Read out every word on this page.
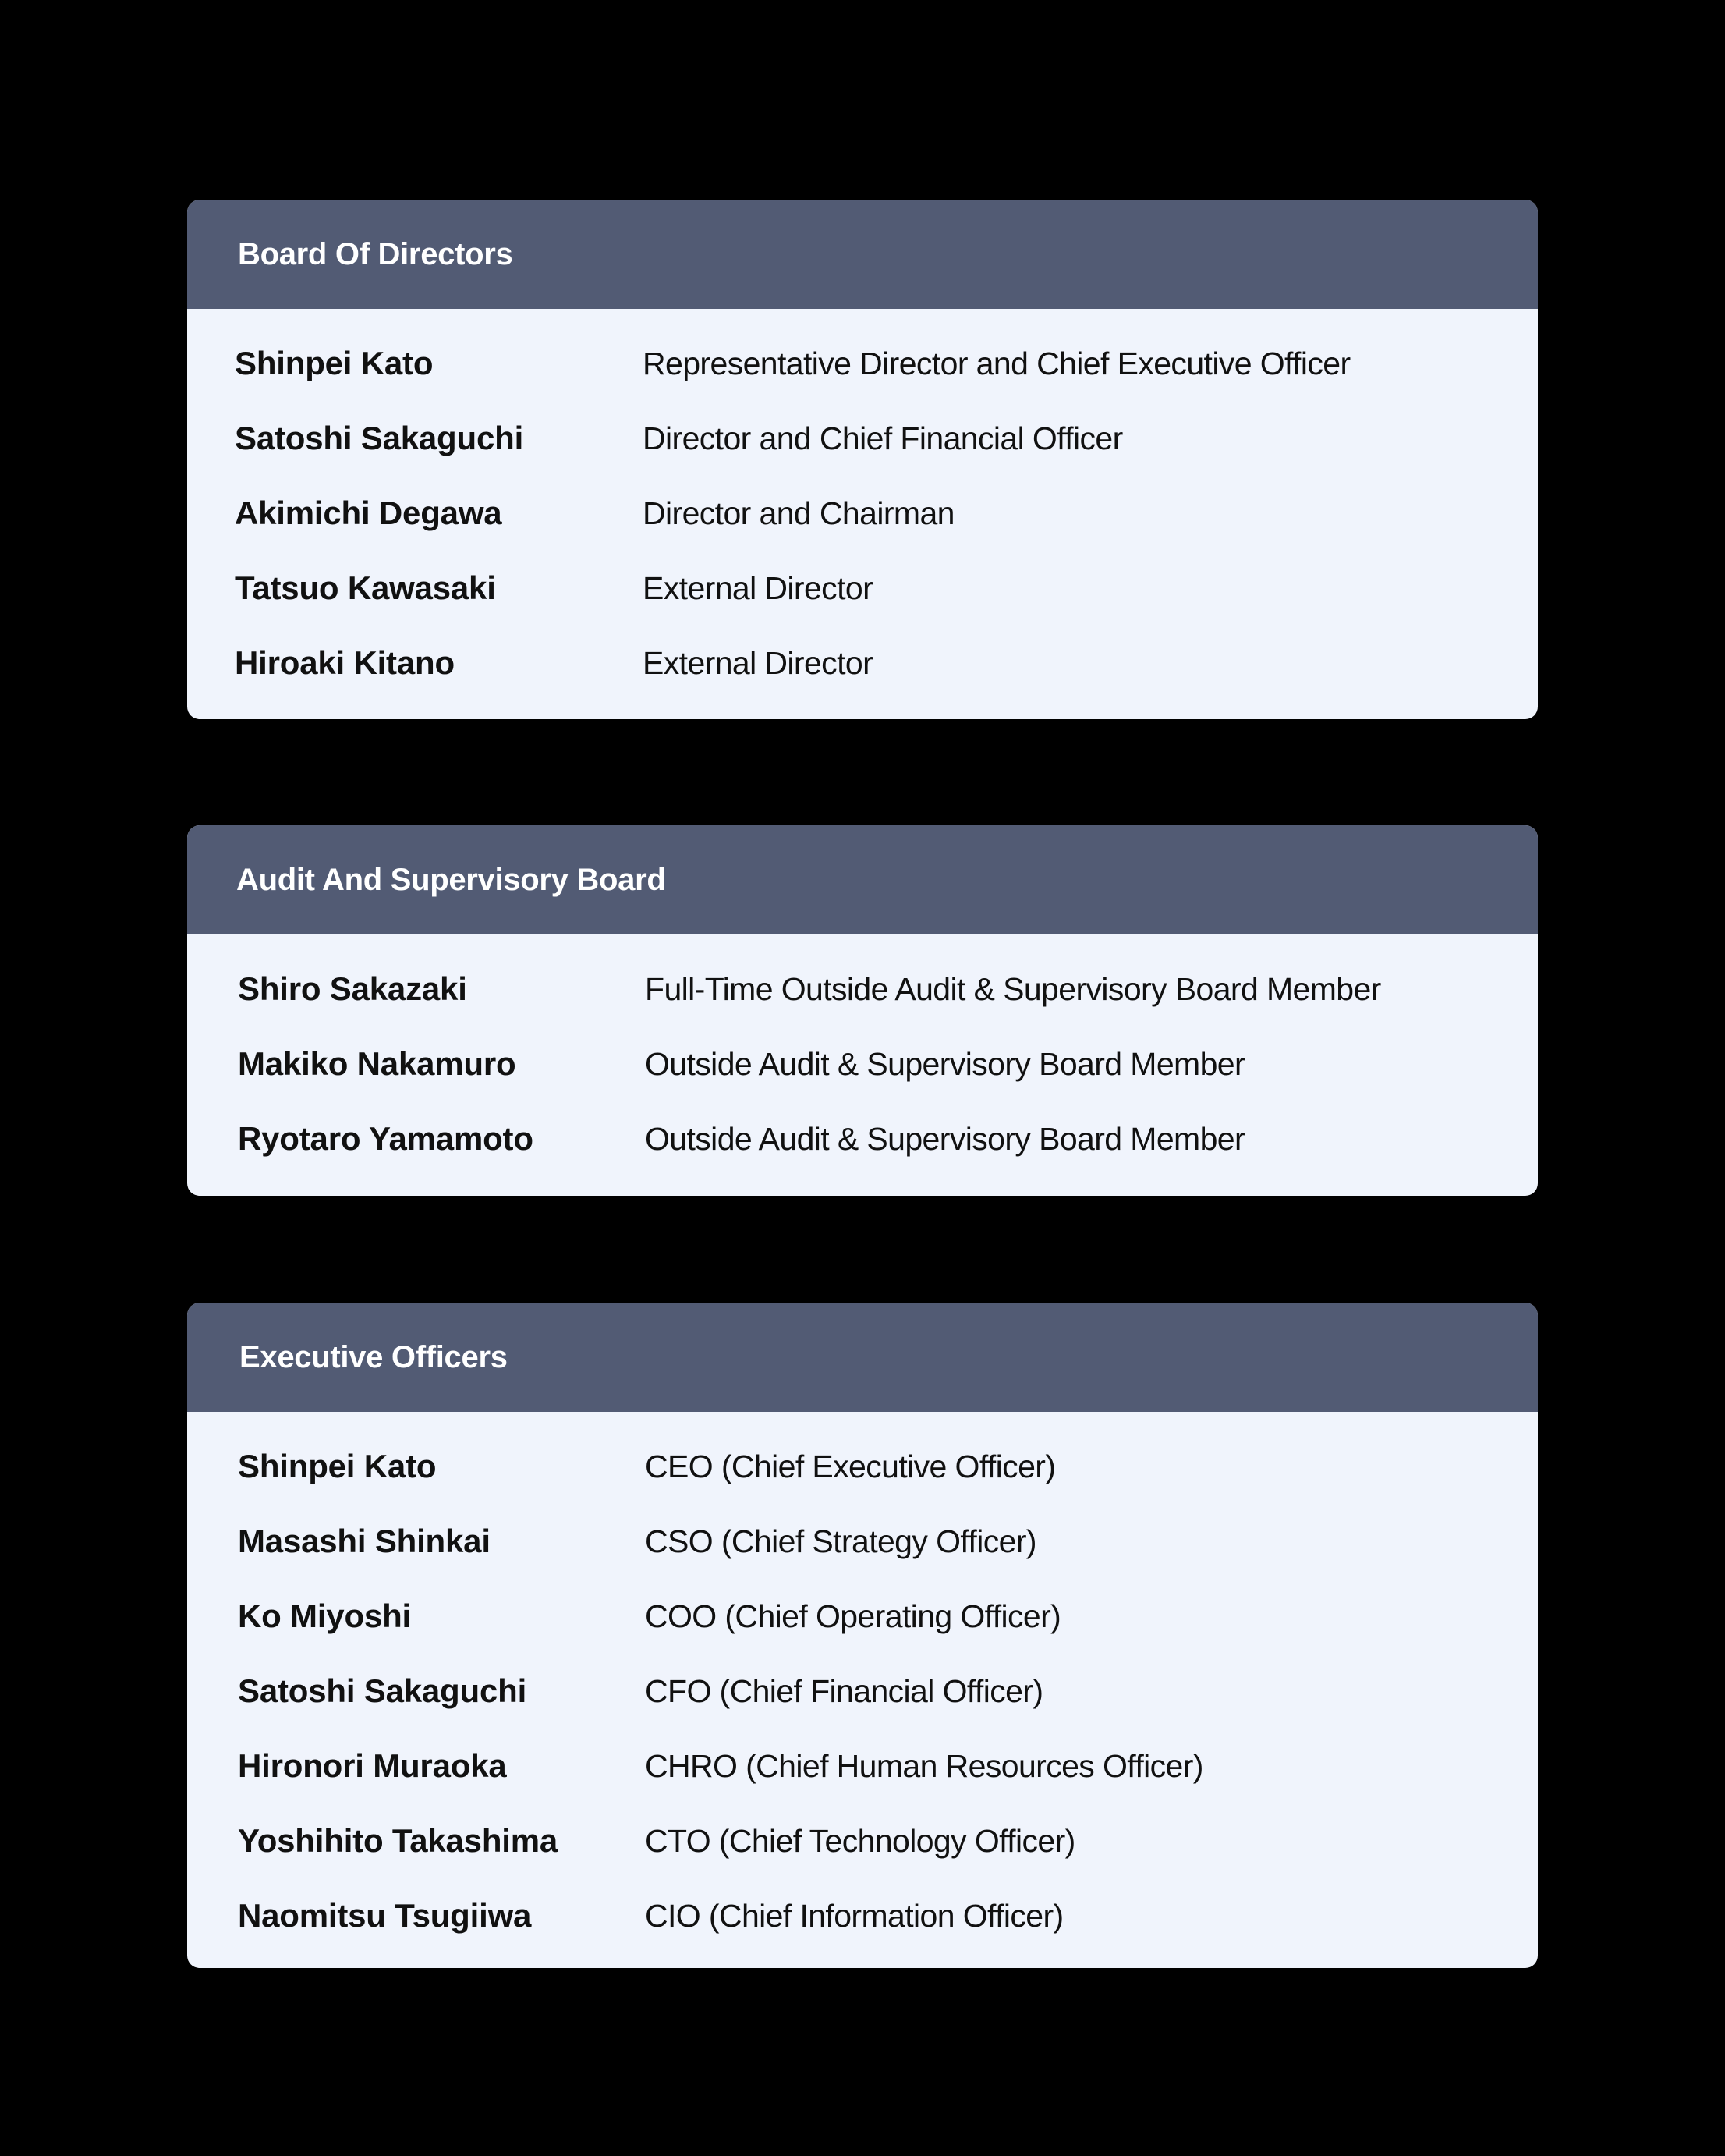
Board Of Directors
Shinpei Kato	Representative Director and Chief Executive Officer
Satoshi Sakaguchi	Director and Chief Financial Officer
Akimichi Degawa	Director and Chairman
Tatsuo Kawasaki	External Director
Hiroaki Kitano	External Director
Audit And Supervisory Board
Shiro Sakazaki	Full-Time Outside Audit & Supervisory Board Member
Makiko Nakamuro	Outside Audit & Supervisory Board Member
Ryotaro Yamamoto	Outside Audit & Supervisory Board Member
Executive Officers
Shinpei Kato	CEO (Chief Executive Officer)
Masashi Shinkai	CSO (Chief Strategy Officer)
Ko Miyoshi	COO (Chief Operating Officer)
Satoshi Sakaguchi	CFO (Chief Financial Officer)
Hironori Muraoka	CHRO (Chief Human Resources Officer)
Yoshihito Takashima	CTO (Chief Technology Officer)
Naomitsu Tsugiiwa	CIO (Chief Information Officer)
